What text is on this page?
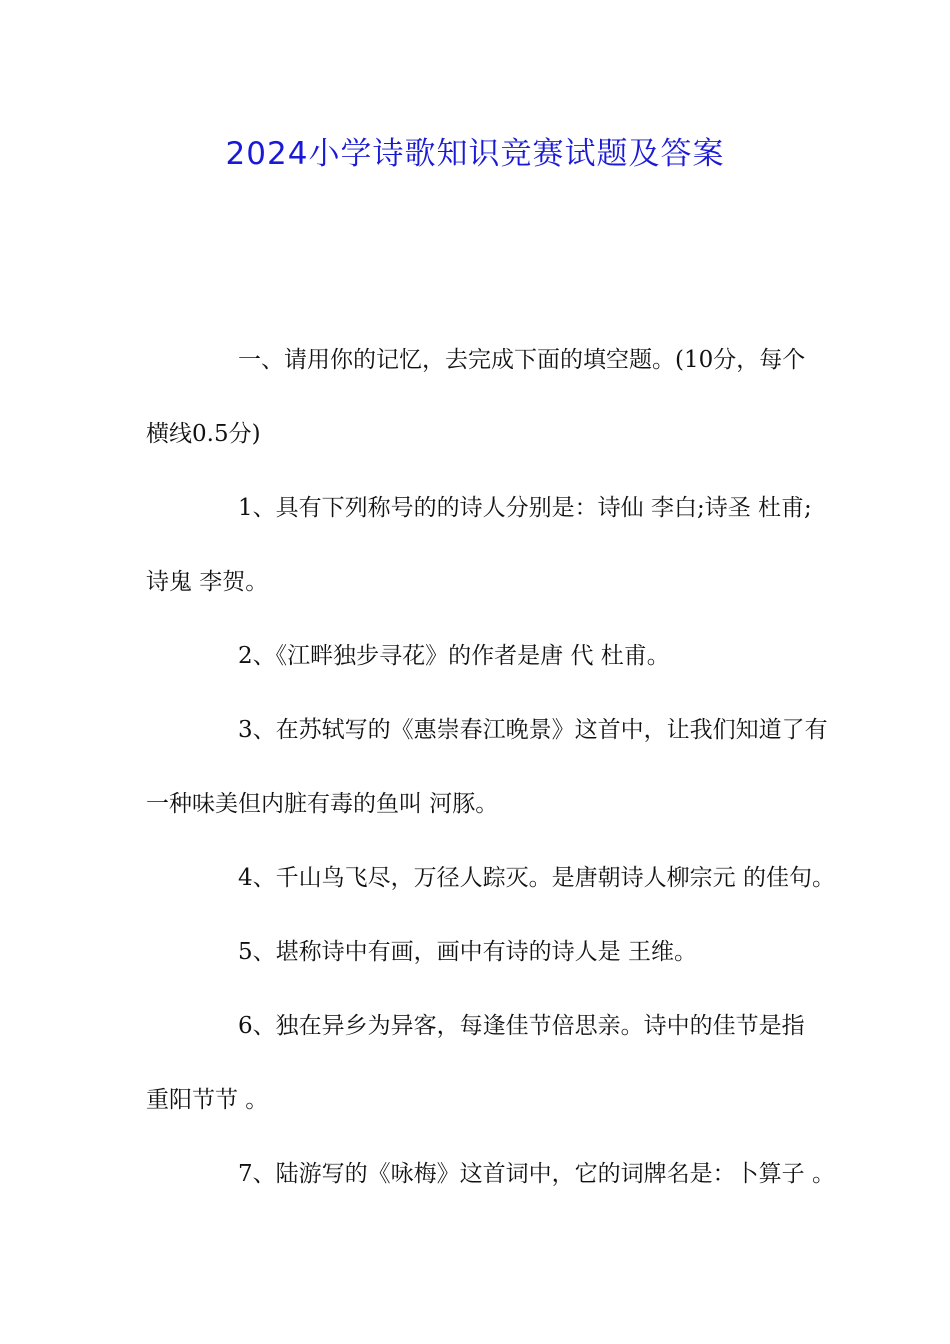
2024小学诗歌知识竞赛试题及答案
一、请用你的记忆，去完成下面的填空题。(10分，每个
横线0.5分)
1、具有下列称号的的诗人分别是：诗仙 李白;诗圣 杜甫;
诗鬼 李贺。
2、《江畔独步寻花》的作者是唐 代 杜甫。
3、在苏轼写的《惠崇春江晚景》这首中，让我们知道了有
一种味美但内脏有毒的鱼叫 河豚。
4、千山鸟飞尽，万径人踪灭。是唐朝诗人柳宗元 的佳句。
5、堪称诗中有画，画中有诗的诗人是 王维。
6、独在异乡为异客，每逢佳节倍思亲。诗中的佳节是指
重阳节节 。
7、陆游写的《咏梅》这首词中，它的词牌名是：卜算子 。
